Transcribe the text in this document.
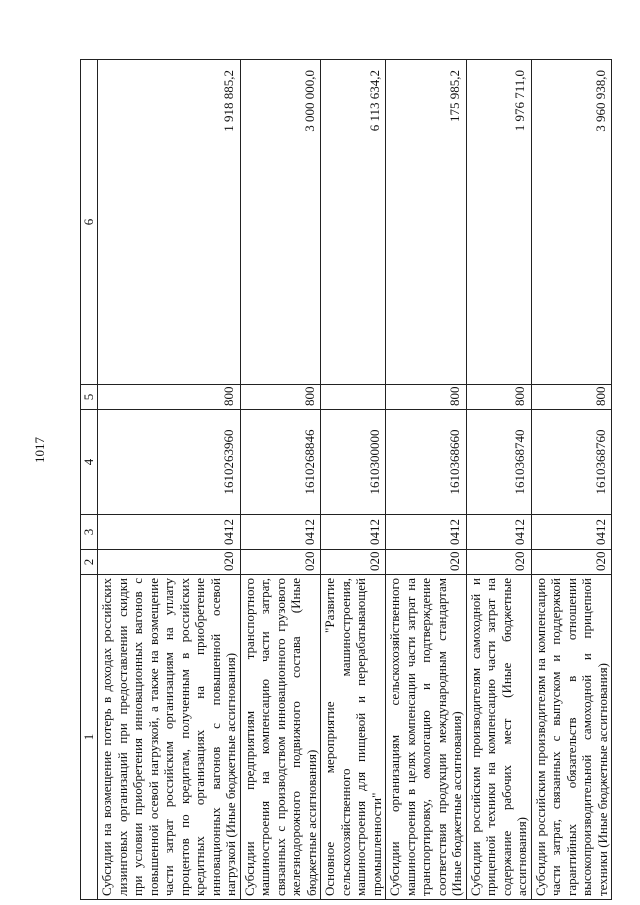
1017
1	2	3	4	5	6
Субсидии на возмещение потерь в доходах российских лизинговых организаций при предоставлении скидки при условии приобретения инновационных вагонов с повышенной осевой нагрузкой, а также на возмещение части затрат российским организациям на уплату процентов по кредитам, полученным в российских кредитных организациях на приобретение инновационных вагонов с повышенной осевой нагрузкой (Иные бюджетные ассигнования)	020	0412	1610263960	800	1 918 885,2
Субсидии предприятиям транспортного машиностроения на компенсацию части затрат, связанных с производством инновационного грузового железнодорожного подвижного состава (Иные бюджетные ассигнования)	020	0412	1610268846	800	3 000 000,0
Основное мероприятие "Развитие сельскохозяйственного машиностроения, машиностроения для пищевой и перерабатывающей промышленности"	020	0412	1610300000		6 113 634,2
Субсидии организациям сельскохозяйственного машиностроения в целях компенсации части затрат на транспортировку, омологацию и подтверждение соответствия продукции международным стандартам (Иные бюджетные ассигнования)	020	0412	1610368660	800	175 985,2
Субсидии российским производителям самоходной и прицепной техники на компенсацию части затрат на содержание рабочих мест (Иные бюджетные ассигнования)	020	0412	1610368740	800	1 976 711,0
Субсидии российским производителям на компенсацию части затрат, связанных с выпуском и поддержкой гарантийных обязательств в отношении высокопроизводительной самоходной и прицепной техники (Иные бюджетные ассигнования)	020	0412	1610368760	800	3 960 938,0
